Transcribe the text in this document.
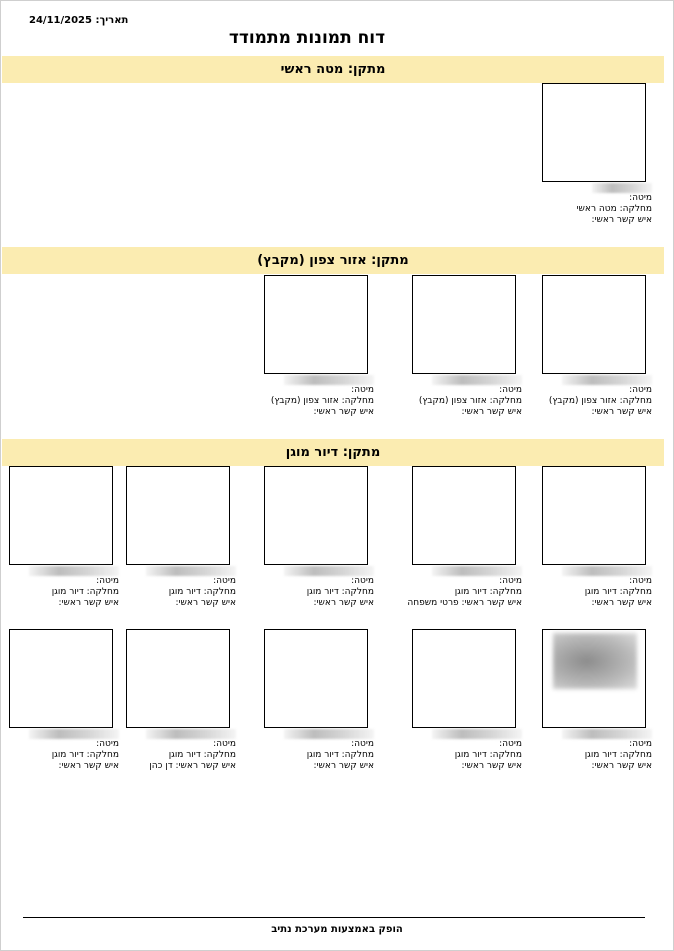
תאריך: 24/11/2025
דוח תמונות מתמודד
מתקן: מטה ראשי
מתקן: אזור צפון (מקבץ)
מתקן: דיור מוגן
מיטה:
מחלקה: מטה ראשי
איש קשר ראשי:
מיטה:
מחלקה: אזור צפון (מקבץ)
איש קשר ראשי:
מיטה:
מחלקה: אזור צפון (מקבץ)
איש קשר ראשי:
מיטה:
מחלקה: אזור צפון (מקבץ)
איש קשר ראשי:
מיטה:
מחלקה: דיור מוגן
איש קשר ראשי:
מיטה:
מחלקה: דיור מוגן
איש קשר ראשי: פרטי משפחה
מיטה:
מחלקה: דיור מוגן
איש קשר ראשי:
מיטה:
מחלקה: דיור מוגן
איש קשר ראשי:
מיטה:
מחלקה: דיור מוגן
איש קשר ראשי:
מיטה:
מחלקה: דיור מוגן
איש קשר ראשי:
מיטה:
מחלקה: דיור מוגן
איש קשר ראשי:
מיטה:
מחלקה: דיור מוגן
איש קשר ראשי:
מיטה:
מחלקה: דיור מוגן
איש קשר ראשי: דן כהן
מיטה:
מחלקה: דיור מוגן
איש קשר ראשי:
הופק באמצעות מערכת נתיב
